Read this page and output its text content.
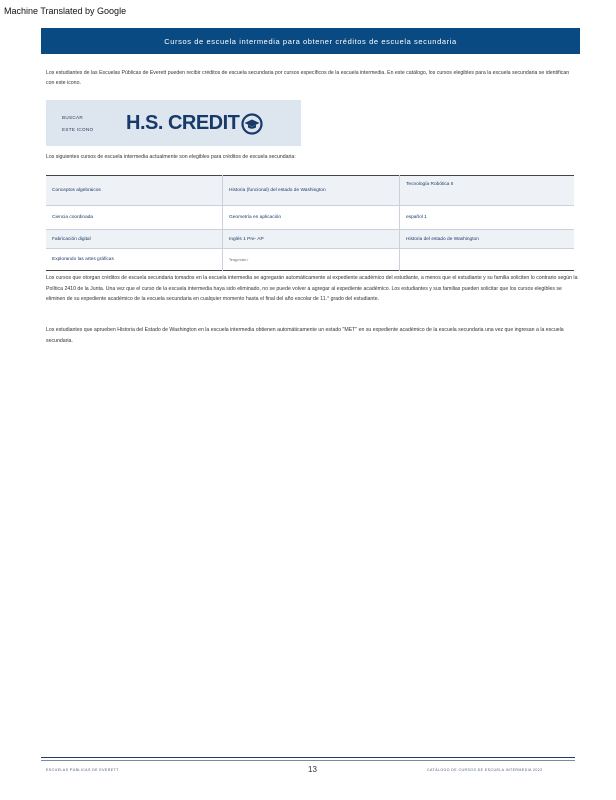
Machine Translated by Google
Cursos de escuela intermedia para obtener créditos de escuela secundaria
Los estudiantes de las Escuelas Públicas de Everett pueden recibir créditos de escuela secundaria por cursos específicos de la escuela intermedia. En este catálogo, los cursos elegibles para la escuela secundaria se identifican con este icono.
BUSCAR
ESTE ICONO H.S. CREDIT
Los siguientes cursos de escuela intermedia actualmente son elegibles para créditos de escuela secundaria:
Conceptos algebraicos	Historia (funcional) del estado de Washington	Tecnología Robótica II
Ciencia coordinada	Geometría en aplicación	español 1
Fabricación digital	Inglés 1 Pre- AP	Historia del estado de Washington
Explorando las artes gráficas	Tengo todo /	
Los cursos que otorgan créditos de escuela secundaria tomados en la escuela intermedia se agregarán automáticamente al expediente académico del estudiante, a menos que el estudiante y su familia soliciten lo contrario según la Política 2410 de la Junta. Una vez que el curso de la escuela intermedia haya sido eliminado, no se puede volver a agregar al expediente académico. Los estudiantes y sus familias pueden solicitar que los cursos elegibles se eliminen de su expediente académico de la escuela secundaria en cualquier momento hasta el final del año escolar de 11.° grado del estudiante.
Los estudiantes que aprueben Historia del Estado de Washington en la escuela intermedia obtienen automáticamente un estado "MET" en su expediente académico de la escuela secundaria una vez que ingresan a la escuela secundaria.
ESCUELAS PÚBLICAS DE EVERETT	13	CATÁLOGO DE CURSOS DE ESCUELA INTERMEDIA 2022
